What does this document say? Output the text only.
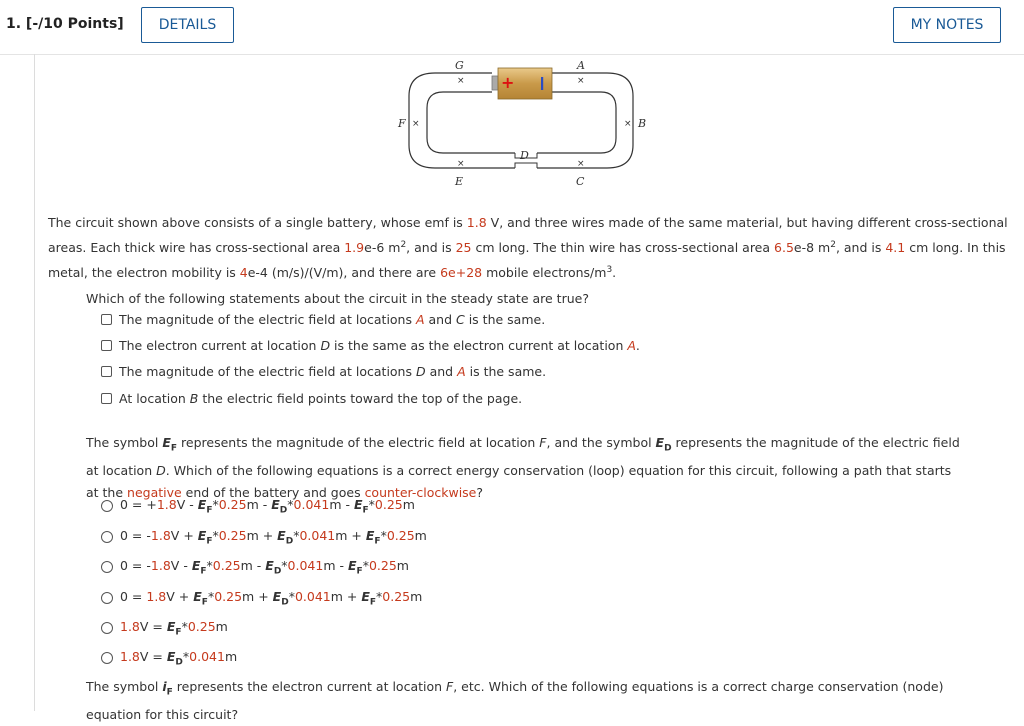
1. [-/10 Points]	DETAILS	MY NOTES
+
G
×
A
×
F ×	× B
D
×
E
×
C
The circuit shown above consists of a single battery, whose emf is 1.8 V, and three wires made of the same material, but having different cross-sectional areas. Each thick wire has cross-sectional area 1.9e-6 $m^2$, and is 25 cm long. The thin wire has cross-sectional area 6.5e-8 $m^2$, and is 4.1 cm long. In this metal, the electron mobility is 4e-4 (m/s)/(V/m), and there are 6e+28 mobile electrons/$m^3$.
Which of the following statements about the circuit in the steady state are true?
The magnitude of the electric field at locations A and C is the same.
The electron current at location D is the same as the electron current at location A.
The magnitude of the electric field at locations D and A is the same.
At location B the electric field points toward the top of the page.
The symbol $E_F$ represents the magnitude of the electric field at location F, and the symbol $E_D$ represents the magnitude of the electric field at location D. Which of the following equations is a correct energy conservation (loop) equation for this circuit, following a path that starts at the negative end of the battery and goes counter-clockwise?
$0 = +1.8V - E_F*0.25m - E_D*0.041m - E_F*0.25m$
$0 = -1.8V + E_F*0.25m + E_D*0.041m + E_F*0.25m$
$0 = -1.8V - E_F*0.25m - E_D*0.041m - E_F*0.25m$
$0 = 1.8V + E_F*0.25m + E_D*0.041m + E_F*0.25m$
$1.8V = E_F*0.25m$
$1.8V = E_D*0.041m$
The symbol $i_F$ represents the electron current at location F, etc. Which of the following equations is a correct charge conservation (node) equation for this circuit?
